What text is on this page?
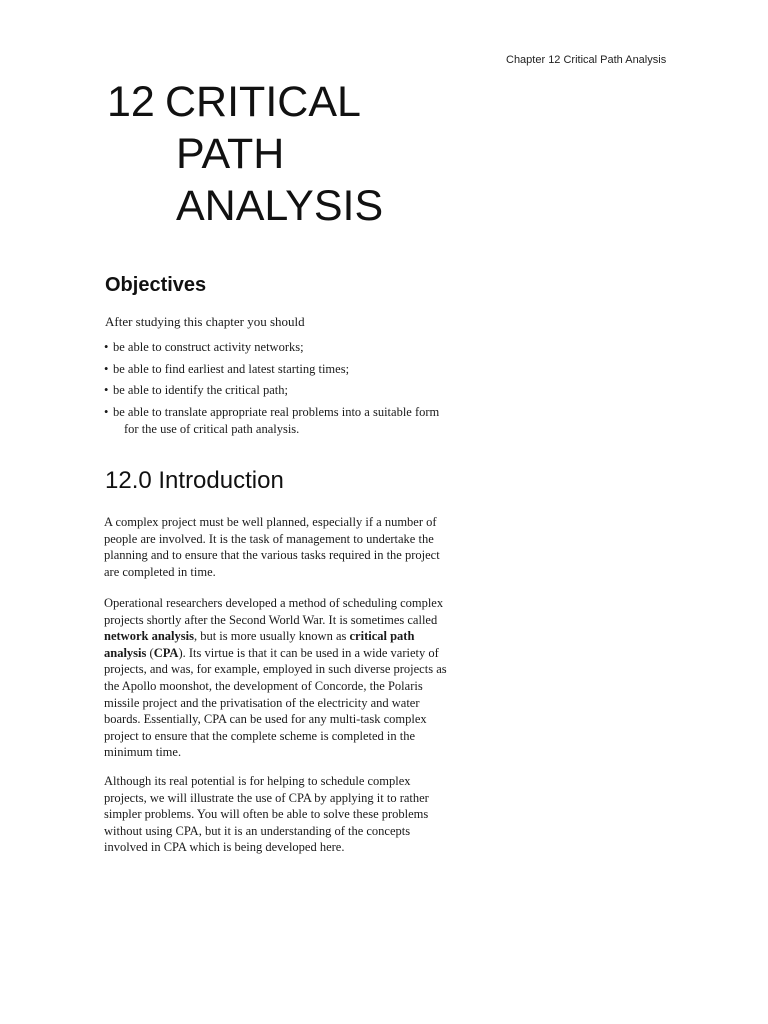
Chapter 12 Critical Path Analysis
12 CRITICAL
PATH
ANALYSIS
Objectives

After studying this chapter you should

• be able to construct activity networks;
• be able to find earliest and latest starting times;
• be able to identify the critical path;
• be able to translate appropriate real problems into a suitable form for the use of critical path analysis.
12.0 Introduction

A complex project must be well planned, especially if a number of people are involved. It is the task of management to undertake the planning and to ensure that the various tasks required in the project are completed in time.

Operational researchers developed a method of scheduling complex projects shortly after the Second World War. It is sometimes called network analysis, but is more usually known as critical path analysis (CPA). Its virtue is that it can be used in a wide variety of projects, and was, for example, employed in such diverse projects as the Apollo moonshot, the development of Concorde, the Polaris missile project and the privatisation of the electricity and water boards. Essentially, CPA can be used for any multi-task complex project to ensure that the complete scheme is completed in the minimum time.

Although its real potential is for helping to schedule complex projects, we will illustrate the use of CPA by applying it to rather simpler problems. You will often be able to solve these problems without using CPA, but it is an understanding of the concepts involved in CPA which is being developed here.
